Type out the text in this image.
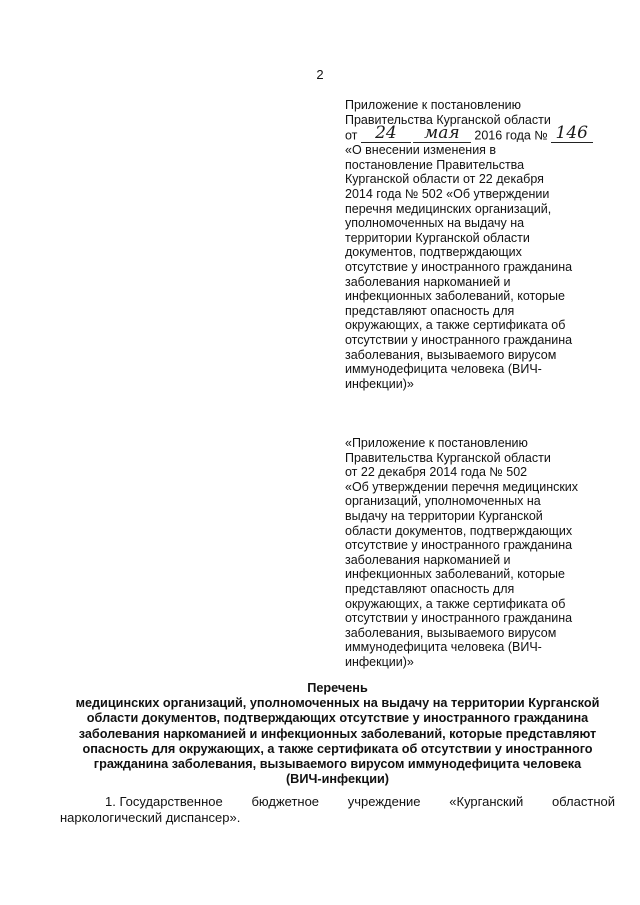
2
Приложение к постановлению
Правительства Курганской области
от 24 мая 2016 года № 146
«О внесении изменения в
постановление Правительства
Курганской области от 22 декабря
2014 года № 502 «Об утверждении
перечня медицинских организаций,
уполномоченных на выдачу на
территории Курганской области
документов, подтверждающих
отсутствие у иностранного гражданина
заболевания наркоманией и
инфекционных заболеваний, которые
представляют опасность для
окружающих, а также сертификата об
отсутствии у иностранного гражданина
заболевания, вызываемого вирусом
иммунодефицита человека (ВИЧ-
инфекции)»
«Приложение к постановлению
Правительства Курганской области
от 22 декабря 2014 года № 502
«Об утверждении перечня медицинских
организаций, уполномоченных на
выдачу на территории Курганской
области документов, подтверждающих
отсутствие у иностранного гражданина
заболевания наркоманией и
инфекционных заболеваний, которые
представляют опасность для
окружающих, а также сертификата об
отсутствии у иностранного гражданина
заболевания, вызываемого вирусом
иммунодефицита человека (ВИЧ-
инфекции)»
Перечень
медицинских организаций, уполномоченных на выдачу на территории Курганской
области документов, подтверждающих отсутствие у иностранного гражданина
заболевания наркоманией и инфекционных заболеваний, которые представляют
опасность для окружающих, а также сертификата об отсутствии у иностранного
гражданина заболевания, вызываемого вирусом иммунодефицита человека
(ВИЧ-инфекции)
1. Государственное бюджетное учреждение «Курганский областной
наркологический диспансер».
